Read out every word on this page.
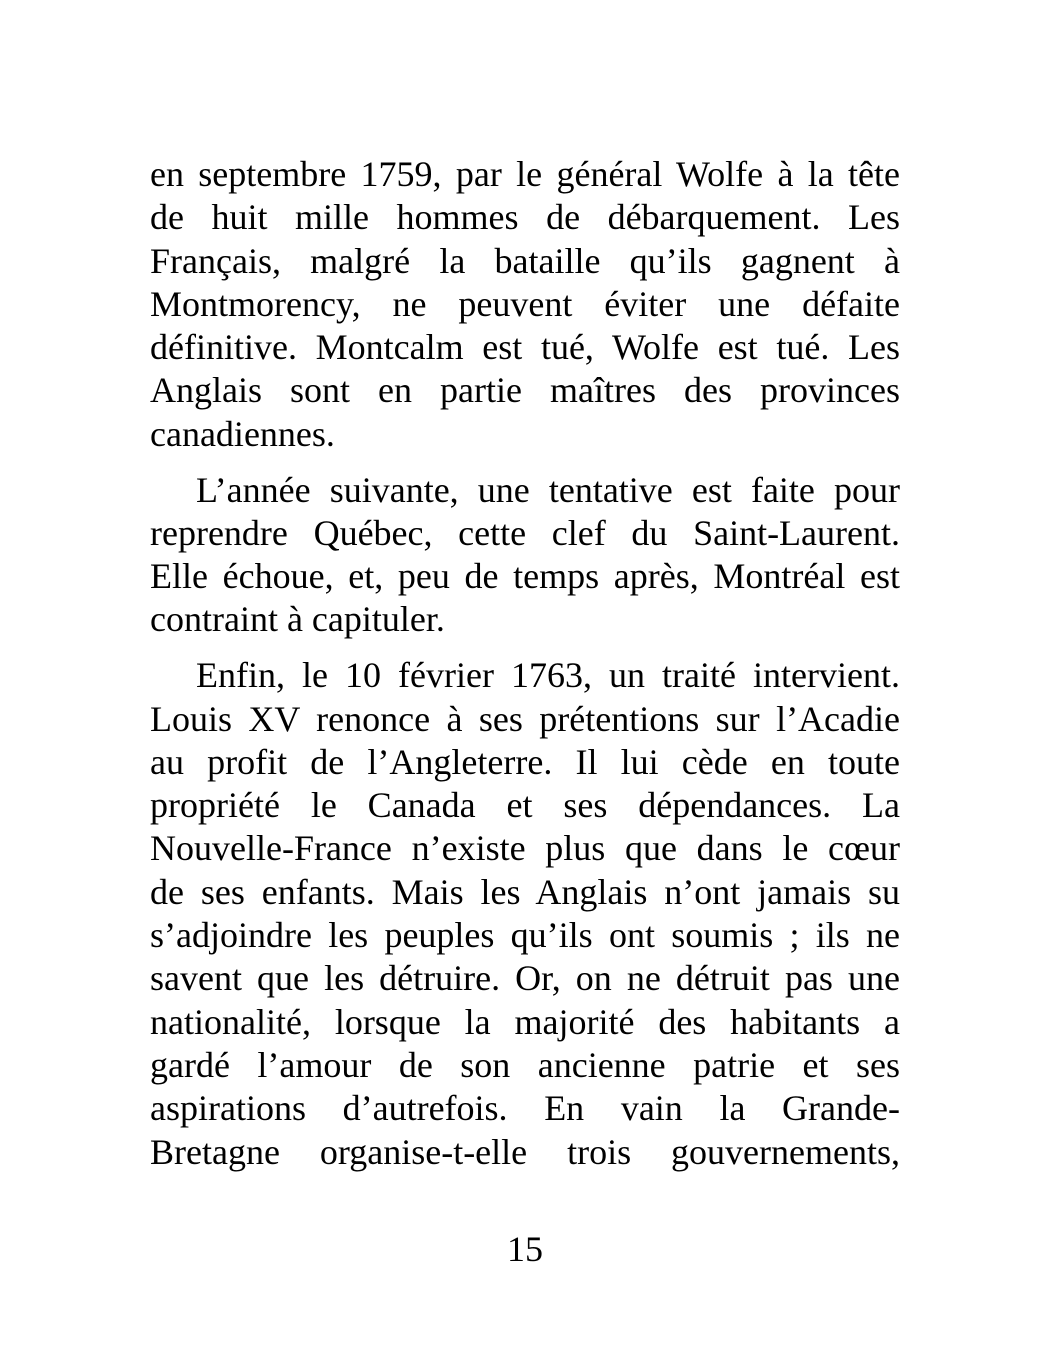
en septembre 1759, par le général Wolfe à la tête
de huit mille hommes de débarquement. Les
Français, malgré la bataille qu’ils gagnent à
Montmorency, ne peuvent éviter une défaite
définitive. Montcalm est tué, Wolfe est tué. Les
Anglais sont en partie maîtres des provinces
canadiennes.

L’année suivante, une tentative est faite pour
reprendre Québec, cette clef du Saint-Laurent.
Elle échoue, et, peu de temps après, Montréal est
contraint à capituler.

Enfin, le 10 février 1763, un traité intervient.
Louis XV renonce à ses prétentions sur l’Acadie
au profit de l’Angleterre. Il lui cède en toute
propriété le Canada et ses dépendances. La
Nouvelle-France n’existe plus que dans le cœur
de ses enfants. Mais les Anglais n’ont jamais su
s’adjoindre les peuples qu’ils ont soumis ; ils ne
savent que les détruire. Or, on ne détruit pas une
nationalité, lorsque la majorité des habitants a
gardé l’amour de son ancienne patrie et ses
aspirations d’autrefois. En vain la Grande-
Bretagne organise-t-elle trois gouvernements,

15
